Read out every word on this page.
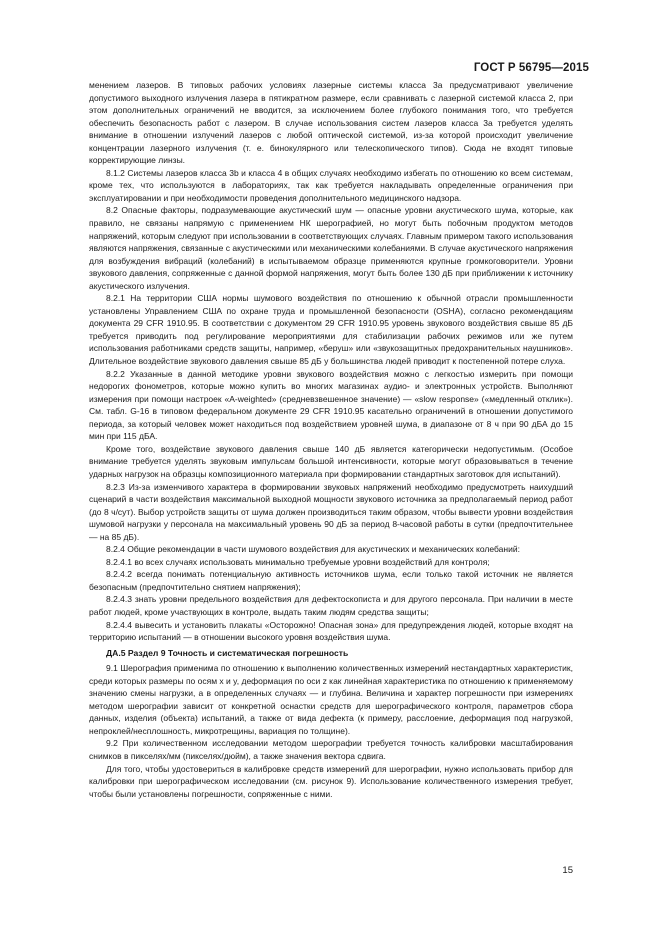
ГОСТ Р 56795—2015

менением лазеров. В типовых рабочих условиях лазерные системы класса 3а предусматривают увеличение допустимого выходного излучения лазера в пятикратном размере, если сравнивать с лазерной системой класса 2, при этом дополнительных ограничений не вводится, за исключением более глубокого понимания того, что требуется обеспечить безопасность работ с лазером. В случае использования систем лазеров класса 3а требуется уделять внимание в отношении излучений лазеров с любой оптической системой, из-за которой происходит увеличение концентрации лазерного излучения (т. е. бинокулярного или телескопического типов). Сюда не входят типовые корректирующие линзы.

8.1.2 Системы лазеров класса 3b и класса 4 в общих случаях необходимо избегать по отношению ко всем системам, кроме тех, что используются в лабораториях, так как требуется накладывать определенные ограничения при эксплуатировании и при необходимости проведения дополнительного медицинского надзора.

8.2 Опасные факторы, подразумевающие акустический шум — опасные уровни акустического шума, которые, как правило, не связаны напрямую с применением НК шерографией, но могут быть побочным продуктом методов напряжений, которым следуют при использовании в соответствующих случаях. Главным примером такого использования являются напряжения, связанные с акустическими или механическими колебаниями. В случае акустического напряжения для возбуждения вибраций (колебаний) в испытываемом образце применяются крупные громкоговорители. Уровни звукового давления, сопряженные с данной формой напряжения, могут быть более 130 дБ при приближении к источнику акустического излучения.

8.2.1 На территории США нормы шумового воздействия по отношению к обычной отрасли промышленности установлены Управлением США по охране труда и промышленной безопасности (OSHA), согласно рекомендациям документа 29 CFR 1910.95. В соответствии с документом 29 CFR 1910.95 уровень звукового воздействия свыше 85 дБ требуется приводить под регулирование мероприятиями для стабилизации рабочих режимов или же путем использования работниками средств защиты, например, «беруш» или «звукозащитных предохранительных наушников». Длительное воздействие звукового давления свыше 85 дБ у большинства людей приводит к постепенной потере слуха.

8.2.2 Указанные в данной методике уровни звукового воздействия можно с легкостью измерить при помощи недорогих фонометров, которые можно купить во многих магазинах аудио- и электронных устройств. Выполняют измерения при помощи настроек «A-weighted» (средневзвешенное значение) — «slow response» («медленный отклик»). См. табл. G-16 в типовом федеральном документе 29 CFR 1910.95 касательно ограничений в отношении допустимого периода, за который человек может находиться под воздействием уровней шума, в диапазоне от 8 ч при 90 дБА до 15 мин при 115 дБА.

Кроме того, воздействие звукового давления свыше 140 дБ является категорически недопустимым. (Особое внимание требуется уделять звуковым импульсам большой интенсивности, которые могут образовываться в течение ударных нагрузок на образцы композиционного материала при формировании стандартных заготовок для испытаний).

8.2.3 Из-за изменчивого характера в формировании звуковых напряжений необходимо предусмотреть наихудший сценарий в части воздействия максимальной выходной мощности звукового источника за предполагаемый период работ (до 8 ч/сут). Выбор устройств защиты от шума должен производиться таким образом, чтобы вывести уровни воздействия шумовой нагрузки у персонала на максимальный уровень 90 дБ за период 8-часовой работы в сутки (предпочтительнее — на 85 дБ).

8.2.4 Общие рекомендации в части шумового воздействия для акустических и механических колебаний:

8.2.4.1 во всех случаях использовать минимально требуемые уровни воздействий для контроля;

8.2.4.2 всегда понимать потенциальную активность источников шума, если только такой источник не является безопасным (предпочтительно снятием напряжения);

8.2.4.3 знать уровни предельного воздействия для дефектоскописта и для другого персонала. При наличии в месте работ людей, кроме участвующих в контроле, выдать таким людям средства защиты;

8.2.4.4 вывесить и установить плакаты «Осторожно! Опасная зона» для предупреждения людей, которые входят на территорию испытаний — в отношении высокого уровня воздействия шума.

ДА.5 Раздел 9 Точность и систематическая погрешность

9.1 Шерография применима по отношению к выполнению количественных измерений нестандартных характеристик, среди которых размеры по осям x и y, деформация по оси z как линейная характеристика по отношению к применяемому значению смены нагрузки, а в определенных случаях — и глубина. Величина и характер погрешности при измерениях методом шерографии зависит от конкретной оснастки средств для шерографического контроля, параметров сбора данных, изделия (объекта) испытаний, а также от вида дефекта (к примеру, расслоение, деформация под нагрузкой, непроклей/несплошность, микротрещины, вариация по толщине).

9.2 При количественном исследовании методом шерографии требуется точность калибровки масштабирования снимков в пикселях/мм (пикселях/дюйм), а также значения вектора сдвига.

Для того, чтобы удостовериться в калибровке средств измерений для шерографии, нужно использовать прибор для калибровки при шерографическом исследовании (см. рисунок 9). Использование количественного измерения требует, чтобы были установлены погрешности, сопряженные с ними.

15
